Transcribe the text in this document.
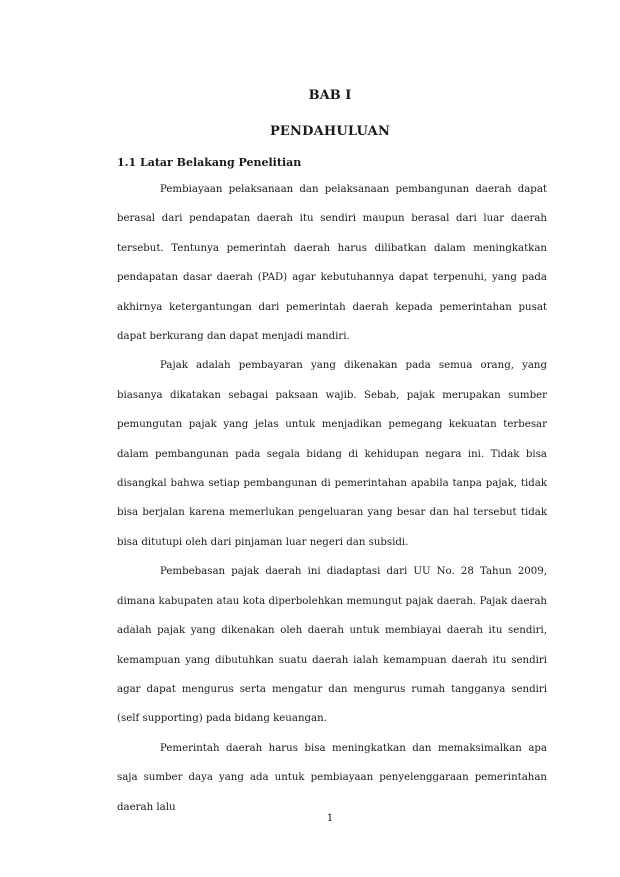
BAB I
PENDAHULUAN
1.1 Latar Belakang Penelitian

Pembiayaan pelaksanaan dan pelaksanaan pembangunan daerah dapat berasal dari pendapatan daerah itu sendiri maupun berasal dari luar daerah tersebut. Tentunya pemerintah daerah harus dilibatkan dalam meningkatkan pendapatan dasar daerah (PAD) agar kebutuhannya dapat terpenuhi, yang pada akhirnya ketergantungan dari pemerintah daerah kepada pemerintahan pusat dapat berkurang dan dapat menjadi mandiri.

Pajak adalah pembayaran yang dikenakan pada semua orang, yang biasanya dikatakan sebagai paksaan wajib. Sebab, pajak merupakan sumber pemungutan pajak yang jelas untuk menjadikan pemegang kekuatan terbesar dalam pembangunan pada segala bidang di kehidupan negara ini. Tidak bisa disangkal bahwa setiap pembangunan di pemerintahan apabila tanpa pajak, tidak bisa berjalan karena memerlukan pengeluaran yang besar dan hal tersebut tidak bisa ditutupi oleh dari pinjaman luar negeri dan subsidi.

Pembebasan pajak daerah ini diadaptasi dari UU No. 28 Tahun 2009, dimana kabupaten atau kota diperbolehkan memungut pajak daerah. Pajak daerah adalah pajak yang dikenakan oleh daerah untuk membiayai daerah itu sendiri, kemampuan yang dibutuhkan suatu daerah ialah kemampuan daerah itu sendiri agar dapat mengurus serta mengatur dan mengurus rumah tangganya sendiri (self supporting) pada bidang keuangan.

Pemerintah daerah harus bisa meningkatkan dan memaksimalkan apa saja sumber daya yang ada untuk pembiayaan penyelenggaraan pemerintahan daerah lalu

1
